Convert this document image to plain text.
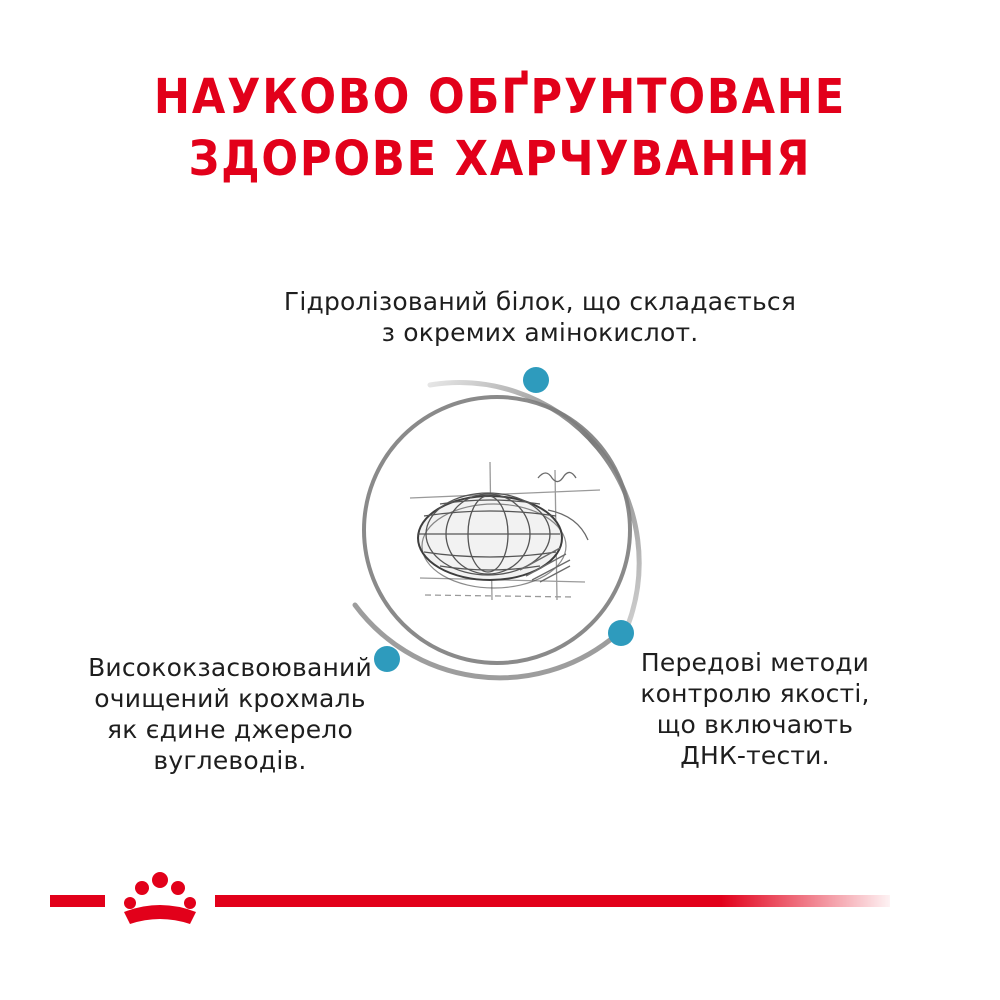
НАУКОВО ОБҐРУНТОВАНЕ
ЗДОРОВЕ ХАРЧУВАННЯ
Гідролізований білок, що складається
з окремих амінокислот.
Висококзасвоюваний
очищений крохмаль
як єдине джерело
вуглеводів.
Передові методи
контролю якості,
що включають
ДНК-тести.
